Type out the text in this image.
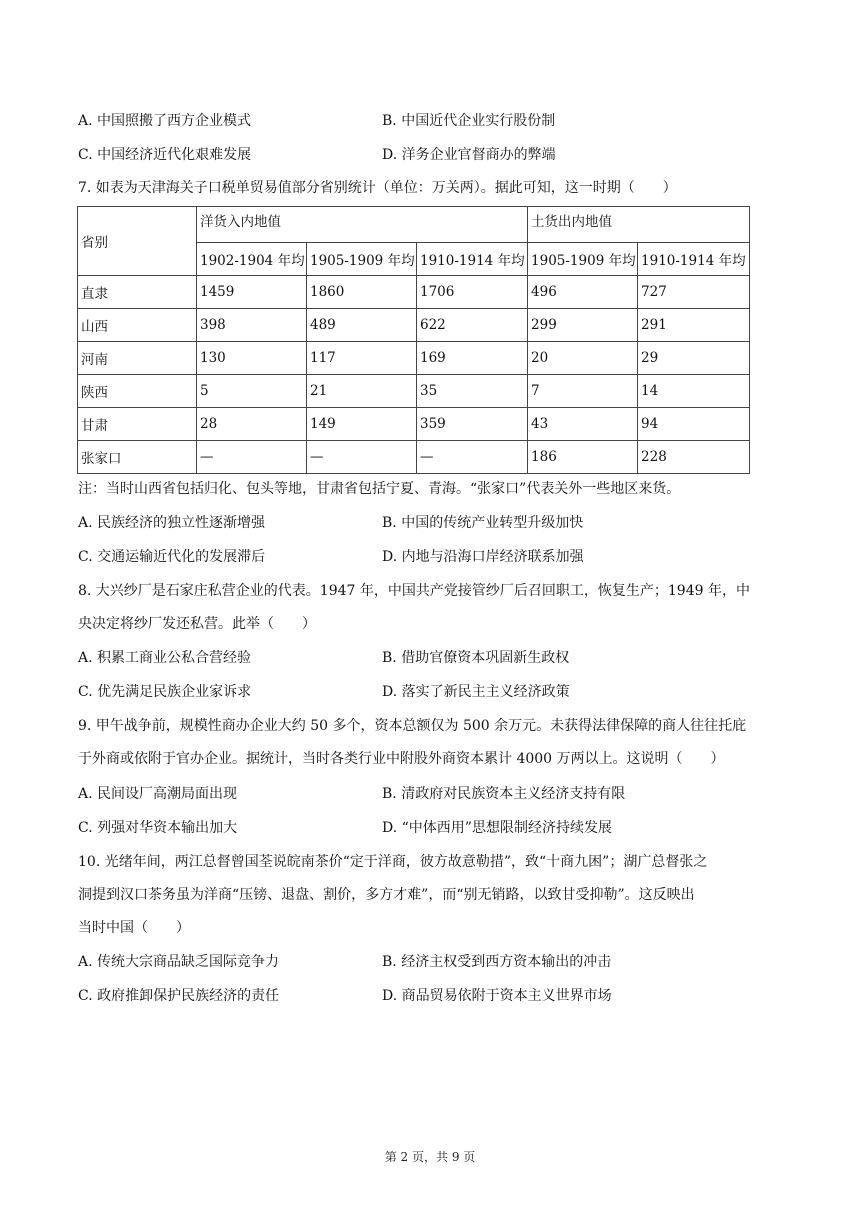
A. 中国照搬了西方企业模式	B. 中国近代企业实行股份制
C. 中国经济近代化艰难发展	D. 洋务企业官督商办的弊端
7. 如表为天津海关子口税单贸易值部分省别统计（单位：万关两）。据此可知，这一时期（　　）
省别	洋货入内地值			土货出内地值	
	1902-1904 年均	1905-1909 年均	1910-1914 年均	1905-1909 年均	1910-1914 年均
直隶	1459	1860	1706	496	727
山西	398	489	622	299	291
河南	130	117	169	20	29
陕西	5	21	35	7	14
甘肃	28	149	359	43	94
张家口	—	—	—	186	228
注：当时山西省包括归化、包头等地，甘肃省包括宁夏、青海。“张家口”代表关外一些地区来货。
A. 民族经济的独立性逐渐增强	B. 中国的传统产业转型升级加快
C. 交通运输近代化的发展滞后	D. 内地与沿海口岸经济联系加强
8. 大兴纱厂是石家庄私营企业的代表。1947 年，中国共产党接管纱厂后召回职工，恢复生产；1949 年，中
央决定将纱厂发还私营。此举（　　）
A. 积累工商业公私合营经验	B. 借助官僚资本巩固新生政权
C. 优先满足民族企业家诉求	D. 落实了新民主主义经济政策
9. 甲午战争前，规模性商办企业大约 50 多个，资本总额仅为 500 余万元。未获得法律保障的商人往往托庇
于外商或依附于官办企业。据统计，当时各类行业中附股外商资本累计 4000 万两以上。这说明（　　）
A. 民间设厂高潮局面出现	B. 清政府对民族资本主义经济支持有限
C. 列强对华资本输出加大	D. “中体西用”思想限制经济持续发展
10. 光绪年间，两江总督曾国荃说皖南茶价“定于洋商，彼方故意勒措”，致“十商九困”；湖广总督张之
洞提到汉口茶务虽为洋商“压镑、退盘、割价，多方才难”，而“别无销路，以致甘受抑勒”。这反映出
当时中国（　　）
A. 传统大宗商品缺乏国际竞争力	B. 经济主权受到西方资本输出的冲击
C. 政府推卸保护民族经济的责任	D. 商品贸易依附于资本主义世界市场
第 2 页，共 9 页
